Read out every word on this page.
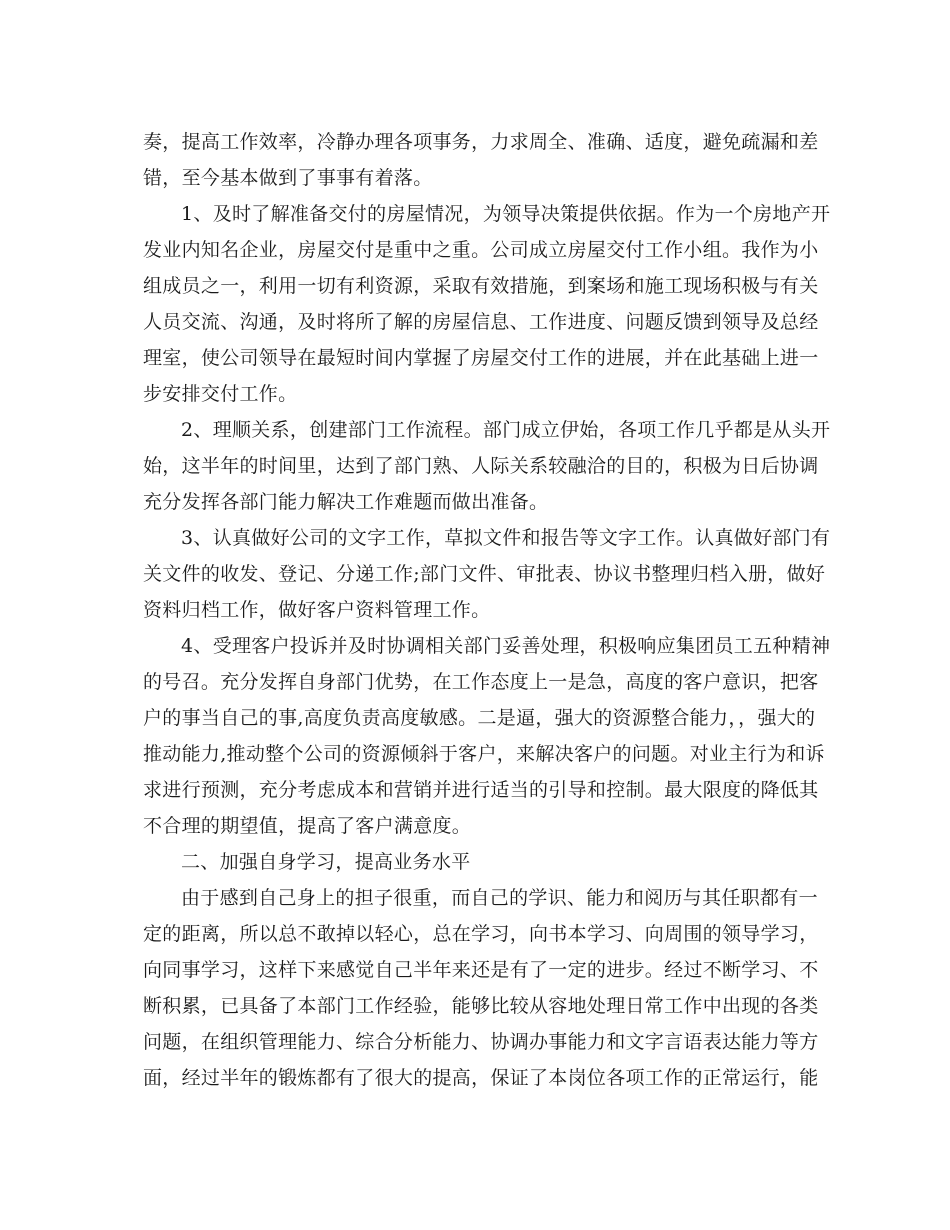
奏，提高工作效率，冷静办理各项事务，力求周全、准确、适度，避免疏漏和差
错，至今基本做到了事事有着落。
1、及时了解准备交付的房屋情况，为领导决策提供依据。作为一个房地产开
发业内知名企业，房屋交付是重中之重。公司成立房屋交付工作小组。我作为小
组成员之一，利用一切有利资源，采取有效措施，到案场和施工现场积极与有关
人员交流、沟通，及时将所了解的房屋信息、工作进度、问题反馈到领导及总经
理室，使公司领导在最短时间内掌握了房屋交付工作的进展，并在此基础上进一
步安排交付工作。
2、理顺关系，创建部门工作流程。部门成立伊始，各项工作几乎都是从头开
始，这半年的时间里，达到了部门熟、人际关系较融洽的目的，积极为日后协调
充分发挥各部门能力解决工作难题而做出准备。
3、认真做好公司的文字工作，草拟文件和报告等文字工作。认真做好部门有
关文件的收发、登记、分递工作;部门文件、审批表、协议书整理归档入册，做好
资料归档工作，做好客户资料管理工作。
4、受理客户投诉并及时协调相关部门妥善处理，积极响应集团员工五种精神
的号召。充分发挥自身部门优势，在工作态度上一是急，高度的客户意识，把客
户的事当自己的事,高度负责高度敏感。二是逼，强大的资源整合能力，，强大的
推动能力,推动整个公司的资源倾斜于客户，来解决客户的问题。对业主行为和诉
求进行预测，充分考虑成本和营销并进行适当的引导和控制。最大限度的降低其
不合理的期望值，提高了客户满意度。
二、加强自身学习，提高业务水平
由于感到自己身上的担子很重，而自己的学识、能力和阅历与其任职都有一
定的距离，所以总不敢掉以轻心，总在学习，向书本学习、向周围的领导学习，
向同事学习，这样下来感觉自己半年来还是有了一定的进步。经过不断学习、不
断积累，已具备了本部门工作经验，能够比较从容地处理日常工作中出现的各类
问题，在组织管理能力、综合分析能力、协调办事能力和文字言语表达能力等方
面，经过半年的锻炼都有了很大的提高，保证了本岗位各项工作的正常运行，能
